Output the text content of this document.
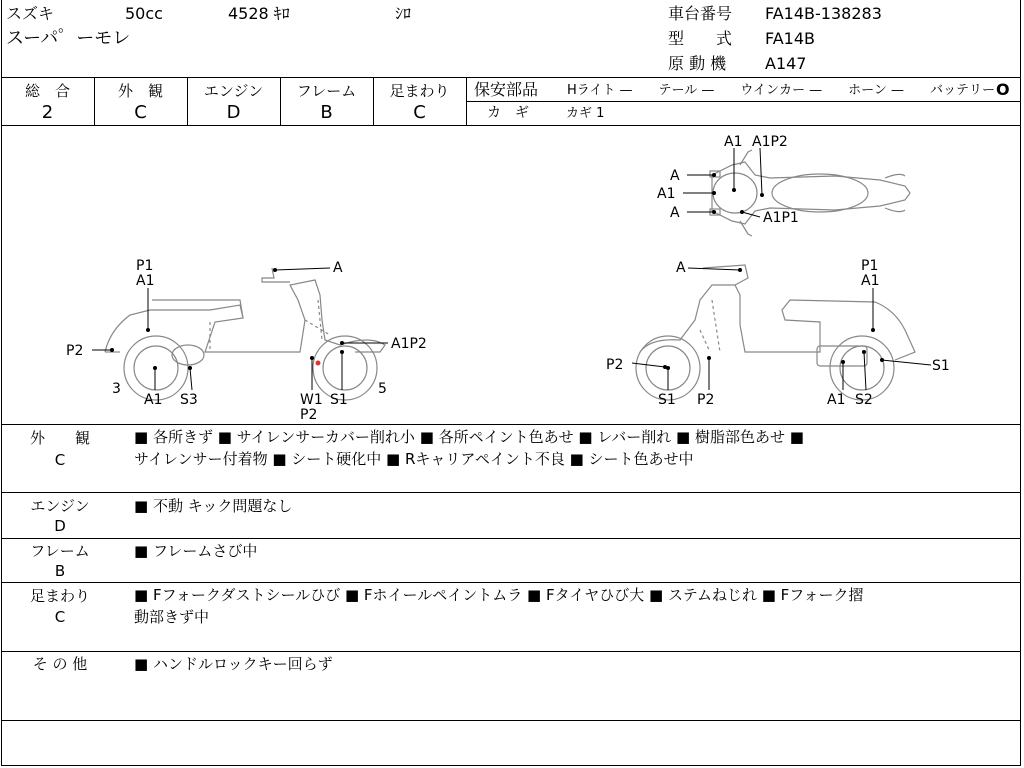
スズキ	50cc	4528 ｷﾛ	ｼﾛ
スーパ゜ーモレ
車台番号 FA14B-138283
型　　式 FA14B
原 動 機 A147
総　合
2
外　観
C
エンジン
D
フレーム
B
足まわり
C
保安部品 Hライト —　　テール —　　ウインカー —　　ホーン —　　バッテリー O
カ　ギ	カギ 1
A1 A1P2
A
A1
A	A1P1
P1
A1
A
P2	A1P2
3
A1 S3	W1
P2
S1
5
A	P1
A1
P2	S1
S1 P2	A1 S2
外　　観
C
■ 各所きず ■ サイレンサーカバー削れ小 ■ 各所ペイント色あせ ■ レバー削れ ■ 樹脂部色あせ ■
サイレンサー付着物 ■ シート硬化中 ■ Rキャリアペイント不良 ■ シート色あせ中
エンジン
D
■ 不動 キック問題なし
フレーム
B
■ フレームさび中
足まわり
C
■ Fフォークダストシールひび ■ Fホイールペイントムラ ■ Fタイヤひび大 ■ ステムねじれ ■ Fフォーク摺
動部きず中
そ の 他	■ ハンドルロックキー回らず
